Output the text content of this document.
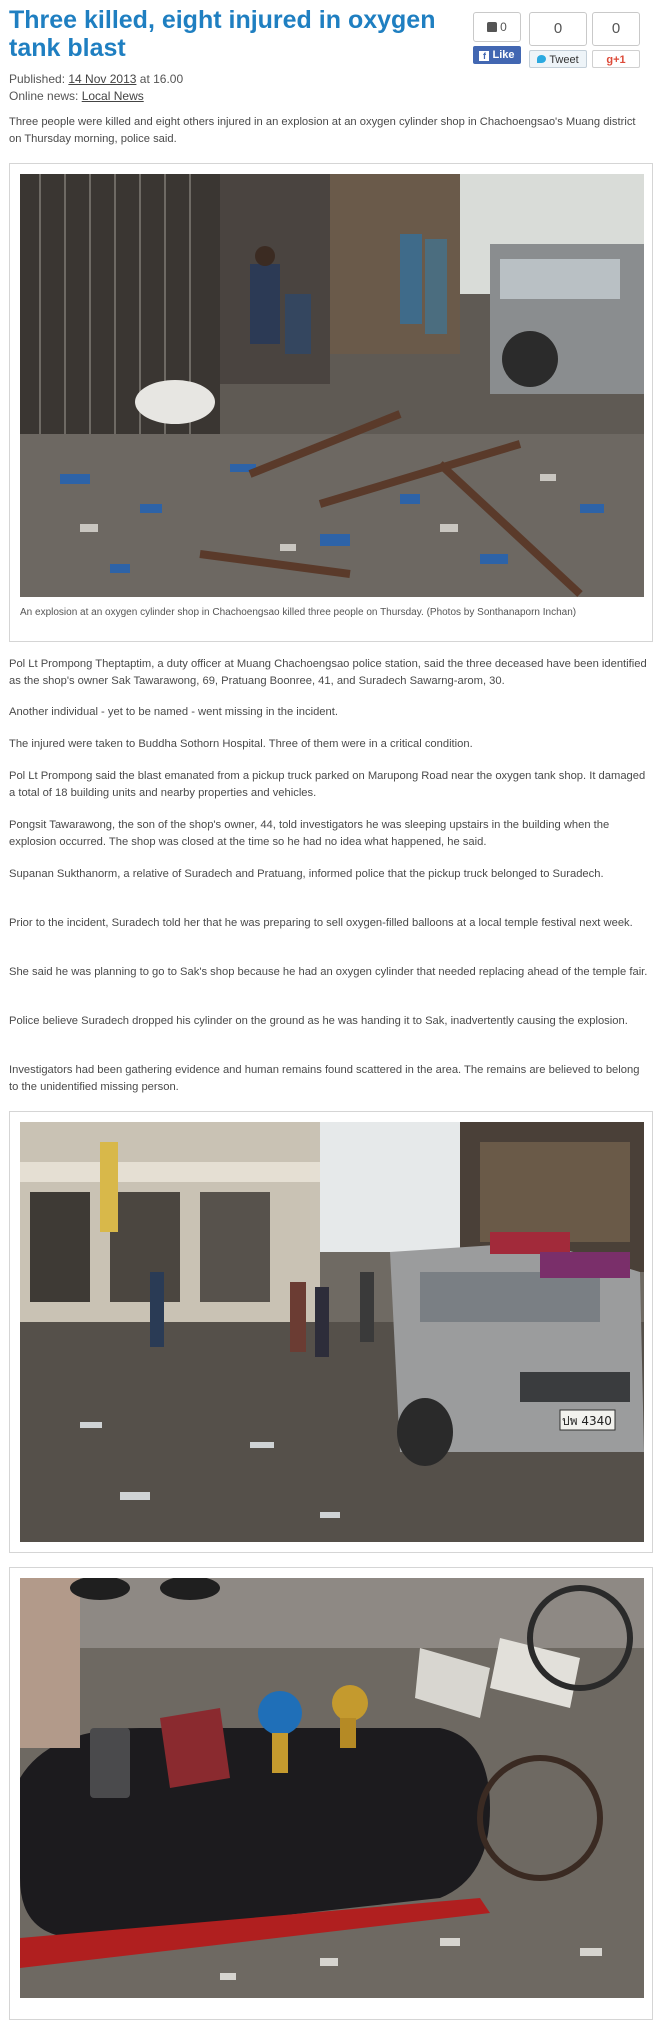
Three killed, eight injured in oxygen tank blast
0
f Like
0
Tweet
0
g+1
Published: 14 Nov 2013 at 16.00
Online news: Local News

Three people were killed and eight others injured in an explosion at an oxygen cylinder shop in Chachoengsao's Muang district on Thursday morning, police said.

An explosion at an oxygen cylinder shop in Chachoengsao killed three people on Thursday. (Photos by Sonthanaporn Inchan)

Pol Lt Prompong Theptaptim, a duty officer at Muang Chachoengsao police station, said the three deceased have been identified as the shop's owner Sak Tawarawong, 69, Pratuang Boonree, 41, and Suradech Sawarng-arom, 30.

Another individual - yet to be named - went missing in the incident.

The injured were taken to Buddha Sothorn Hospital. Three of them were in a critical condition.

Pol Lt Prompong said the blast emanated from a pickup truck parked on Marupong Road near the oxygen tank shop. It damaged a total of 18 building units and nearby properties and vehicles.

Pongsit Tawarawong, the son of the shop's owner, 44, told investigators he was sleeping upstairs in the building when the explosion occurred. The shop was closed at the time so he had no idea what happened, he said.

Supanan Sukthanorm, a relative of Suradech and Pratuang, informed police that the pickup truck belonged to Suradech.

Prior to the incident, Suradech told her that he was preparing to sell oxygen-filled balloons at a local temple festival next week.

She said he was planning to go to Sak's shop because he had an oxygen cylinder that needed replacing ahead of the temple fair.

Police believe Suradech dropped his cylinder on the ground as he was handing it to Sak, inadvertently causing the explosion.

Investigators had been gathering evidence and human remains found scattered in the area. The remains are believed to belong to the unidentified missing person.

ปพ 4340
